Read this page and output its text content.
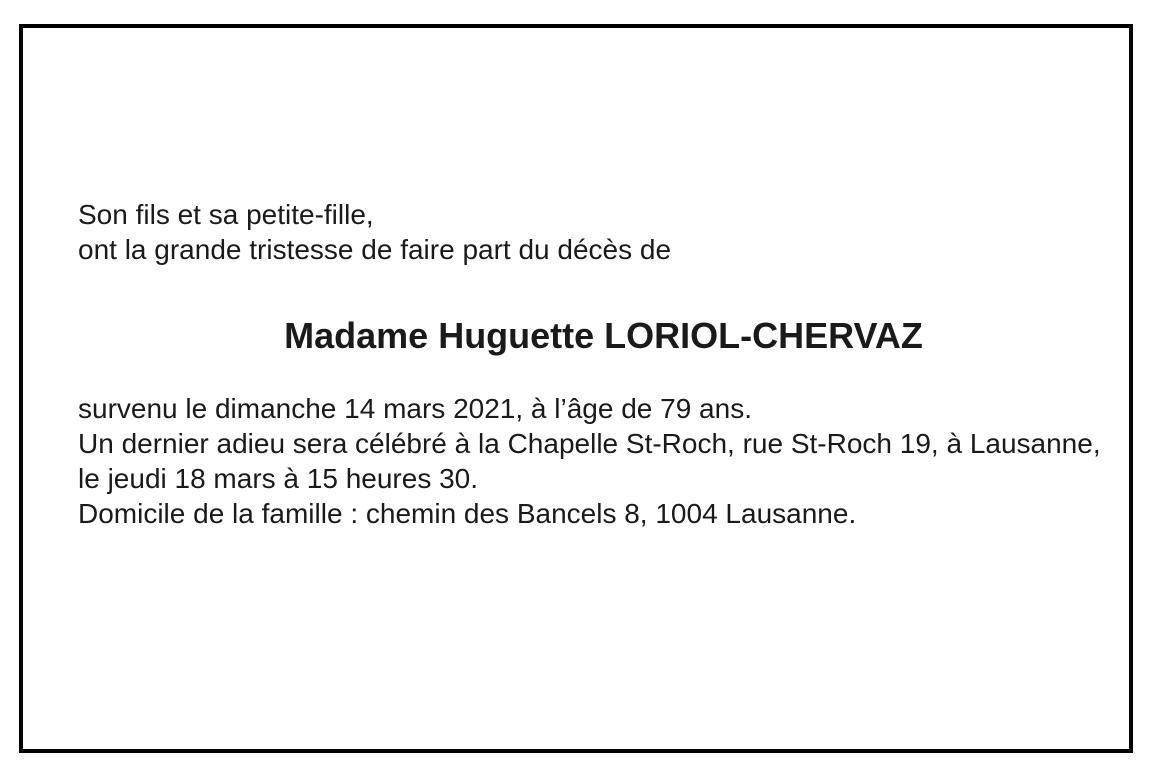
Son fils et sa petite-fille,
ont la grande tristesse de faire part du décès de
Madame Huguette LORIOL-CHERVAZ
survenu le dimanche 14 mars 2021, à l’âge de 79 ans.
Un dernier adieu sera célébré à la Chapelle St-Roch, rue St-Roch 19, à Lausanne,
le jeudi 18 mars à 15 heures 30.
Domicile de la famille : chemin des Bancels 8, 1004 Lausanne.
